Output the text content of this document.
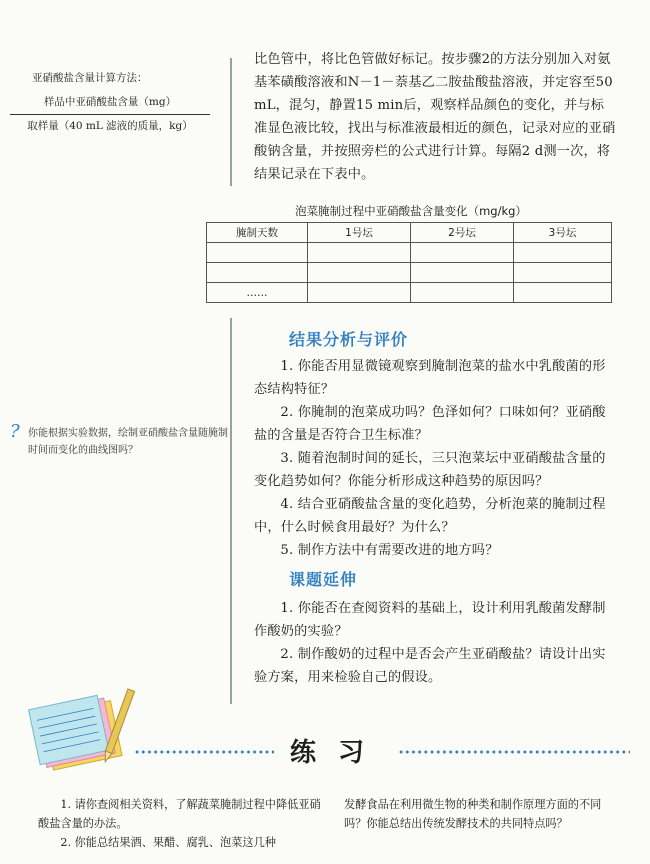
亚硝酸盐含量计算方法：
样品中亚硝酸盐含量（mg）
取样量（40 mL 滤液的质量，kg）

比色管中，将比色管做好标记。按步骤2的方法分别加入对氨基苯磺酸溶液和N－1－萘基乙二胺盐酸盐溶液，并定容至50 mL，混匀，静置15 min后，观察样品颜色的变化，并与标准显色液比较，找出与标准液最相近的颜色，记录对应的亚硝酸钠含量，并按照旁栏的公式进行计算。每隔2 d测一次，将结果记录在下表中。

泡菜腌制过程中亚硝酸盐含量变化（mg/kg）
腌制天数	1号坛	2号坛	3号坛

……			
结果分析与评价

1. 你能否用显微镜观察到腌制泡菜的盐水中乳酸菌的形态结构特征？

2. 你腌制的泡菜成功吗？色泽如何？口味如何？亚硝酸盐的含量是否符合卫生标准？

3. 随着泡制时间的延长，三只泡菜坛中亚硝酸盐含量的变化趋势如何？你能分析形成这种趋势的原因吗？

4. 结合亚硝酸盐含量的变化趋势，分析泡菜的腌制过程中，什么时候食用最好？为什么？

5. 制作方法中有需要改进的地方吗？

? 你能根据实验数据，绘制亚硝酸盐含量随腌制时间而变化的曲线图吗？
课题延伸

1. 你能否在查阅资料的基础上，设计利用乳酸菌发酵制作酸奶的实验？

2. 制作酸奶的过程中是否会产生亚硝酸盐？请设计出实验方案，用来检验自己的假设。

练习

1. 请你查阅相关资料，了解蔬菜腌制过程中降低亚硝酸盐含量的办法。

2. 你能总结果酒、果醋、腐乳、泡菜这几种

发酵食品在利用微生物的种类和制作原理方面的不同吗？你能总结出传统发酵技术的共同特点吗？
